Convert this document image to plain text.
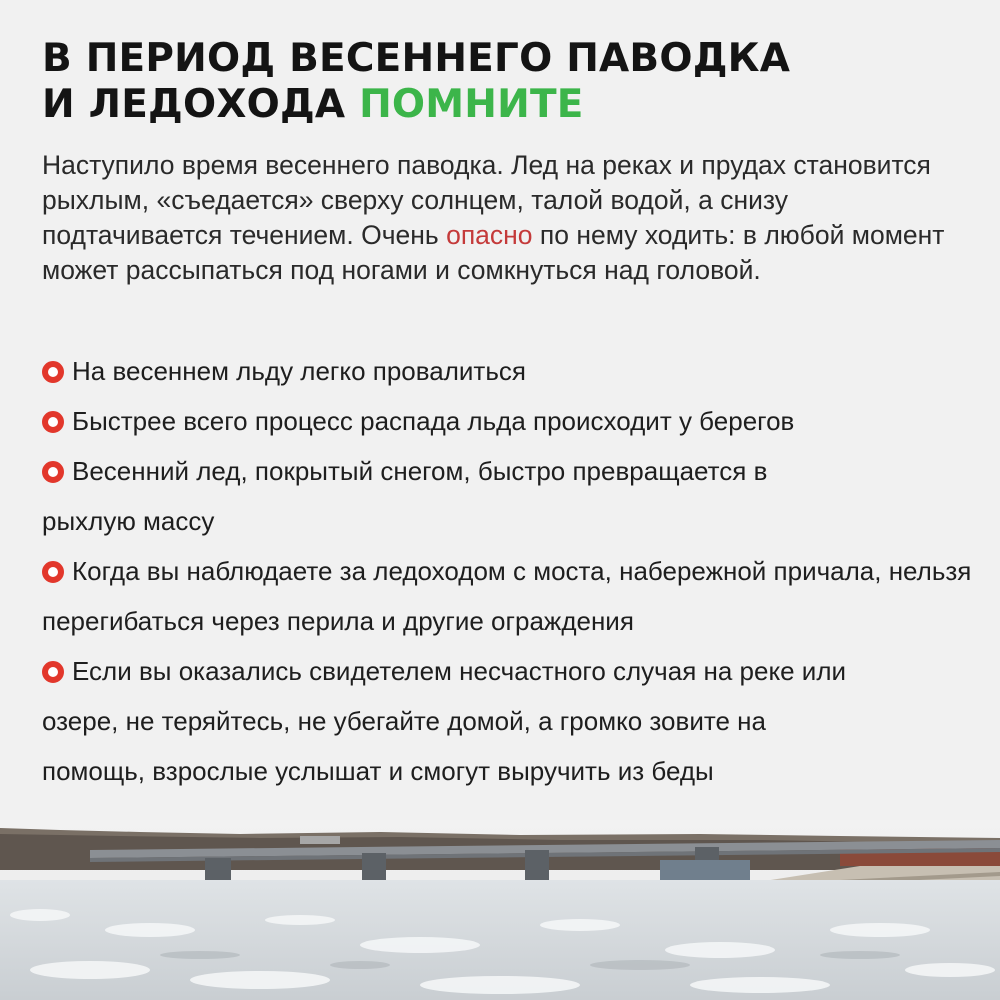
В ПЕРИОД ВЕСЕННЕГО ПАВОДКА
И ЛЕДОХОДА ПОМНИТЕ

Наступило время весеннего паводка. Лед на реках и прудах становится рыхлым, «съедается» сверху солнцем, талой водой, а снизу подтачивается течением. Очень опасно по нему ходить: в любой момент может рассыпаться под ногами и сомкнуться над головой.

На весеннем льду легко провалиться
Быстрее всего процесс распада льда происходит у берегов
Весенний лед, покрытый снегом, быстро превращается в рыхлую массу
Когда вы наблюдаете за ледоходом с моста, набережной причала, нельзя перегибаться через перила и другие ограждения
Если вы оказались свидетелем несчастного случая на реке или озере, не теряйтесь, не убегайте домой, а громко зовите на помощь, взрослые услышат и смогут выручить из беды
